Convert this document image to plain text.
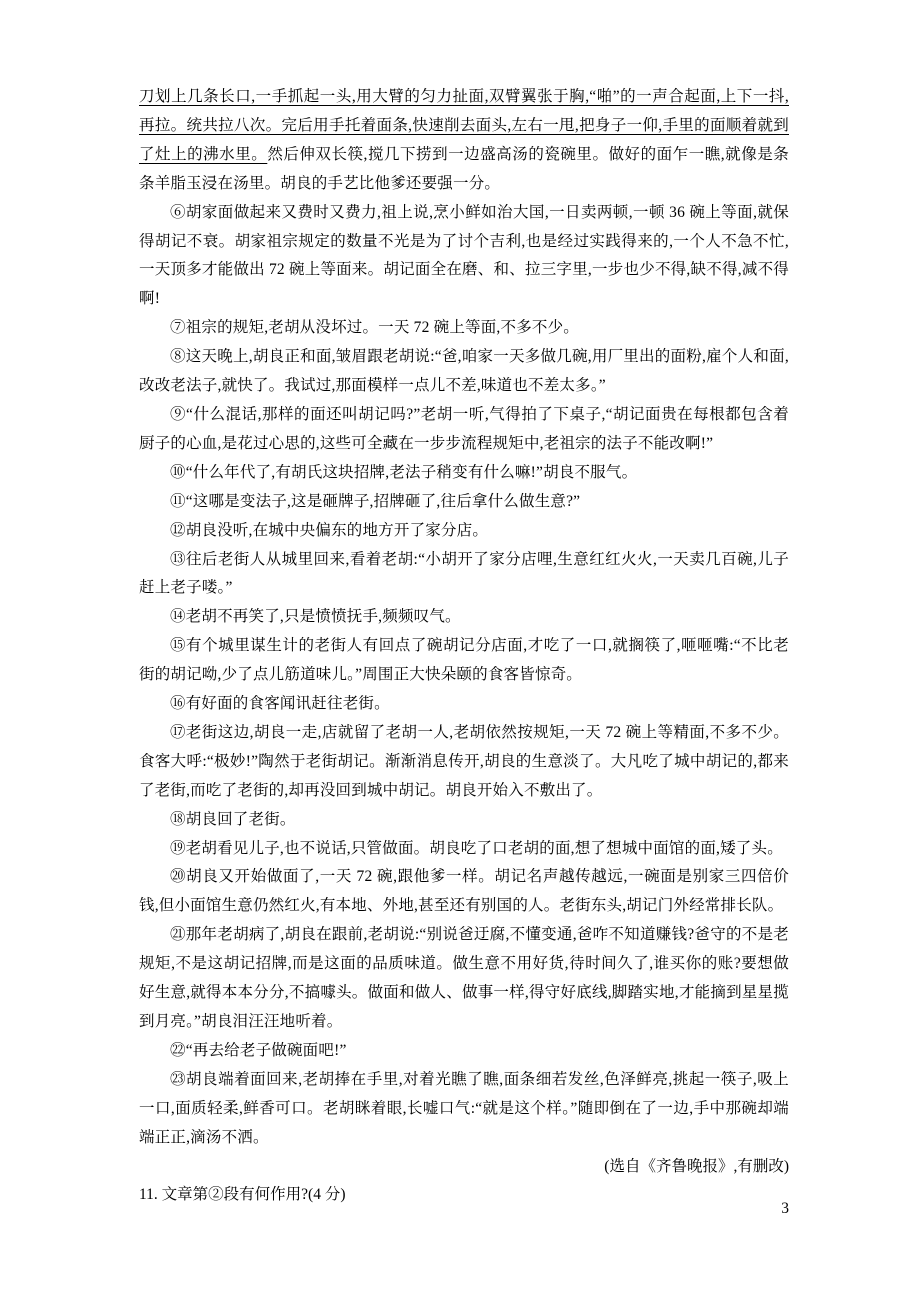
刀划上几条长口,一手抓起一头,用大臂的匀力扯面,双臂翼张于胸,“啪”的一声合起面,上下一抖,再拉。统共拉八次。完后用手托着面条,快速削去面头,左右一甩,把身子一仰,手里的面顺着就到了灶上的沸水里。然后伸双长筷,搅几下捞到一边盛高汤的瓷碗里。做好的面乍一瞧,就像是条条羊脂玉浸在汤里。胡良的手艺比他爹还要强一分。

⑥胡家面做起来又费时又费力,祖上说,烹小鲜如治大国,一日卖两顿,一顿 36 碗上等面,就保得胡记不衰。胡家祖宗规定的数量不光是为了讨个吉利,也是经过实践得来的,一个人不急不忙,一天顶多才能做出 72 碗上等面来。胡记面全在磨、和、拉三字里,一步也少不得,缺不得,减不得啊!

⑦祖宗的规矩,老胡从没坏过。一天 72 碗上等面,不多不少。

⑧这天晚上,胡良正和面,皱眉跟老胡说:“爸,咱家一天多做几碗,用厂里出的面粉,雇个人和面,改改老法子,就快了。我试过,那面模样一点儿不差,味道也不差太多。”

⑨“什么混话,那样的面还叫胡记吗?”老胡一听,气得拍了下桌子,“胡记面贵在每根都包含着厨子的心血,是花过心思的,这些可全藏在一步步流程规矩中,老祖宗的法子不能改啊!”

⑩“什么年代了,有胡氏这块招牌,老法子稍变有什么嘛!”胡良不服气。

⑪“这哪是变法子,这是砸牌子,招牌砸了,往后拿什么做生意?”

⑫胡良没听,在城中央偏东的地方开了家分店。

⑬往后老街人从城里回来,看着老胡:“小胡开了家分店哩,生意红红火火,一天卖几百碗,儿子赶上老子喽。”

⑭老胡不再笑了,只是愤愤抚手,频频叹气。

⑮有个城里谋生计的老街人有回点了碗胡记分店面,才吃了一口,就搁筷了,咂咂嘴:“不比老街的胡记呦,少了点儿筋道味儿。”周围正大快朵颐的食客皆惊奇。

⑯有好面的食客闻讯赶往老街。

⑰老街这边,胡良一走,店就留了老胡一人,老胡依然按规矩,一天 72 碗上等精面,不多不少。食客大呼:“极妙!”陶然于老街胡记。渐渐消息传开,胡良的生意淡了。大凡吃了城中胡记的,都来了老街,而吃了老街的,却再没回到城中胡记。胡良开始入不敷出了。

⑱胡良回了老街。

⑲老胡看见儿子,也不说话,只管做面。胡良吃了口老胡的面,想了想城中面馆的面,矮了头。

⑳胡良又开始做面了,一天 72 碗,跟他爹一样。胡记名声越传越远,一碗面是别家三四倍价钱,但小面馆生意仍然红火,有本地、外地,甚至还有别国的人。老街东头,胡记门外经常排长队。

㉑那年老胡病了,胡良在跟前,老胡说:“别说爸迂腐,不懂变通,爸咋不知道赚钱?爸守的不是老规矩,不是这胡记招牌,而是这面的品质味道。做生意不用好货,待时间久了,谁买你的账?要想做好生意,就得本本分分,不搞噱头。做面和做人、做事一样,得守好底线,脚踏实地,才能摘到星星揽到月亮。”胡良泪汪汪地听着。

㉒“再去给老子做碗面吧!”

㉓胡良端着面回来,老胡捧在手里,对着光瞧了瞧,面条细若发丝,色泽鲜亮,挑起一筷子,吸上一口,面质轻柔,鲜香可口。老胡眯着眼,长嘘口气:“就是这个样。”随即倒在了一边,手中那碗却端端正正,滴汤不洒。

(选自《齐鲁晚报》,有删改)

11. 文章第②段有何作用?(4 分)

3
